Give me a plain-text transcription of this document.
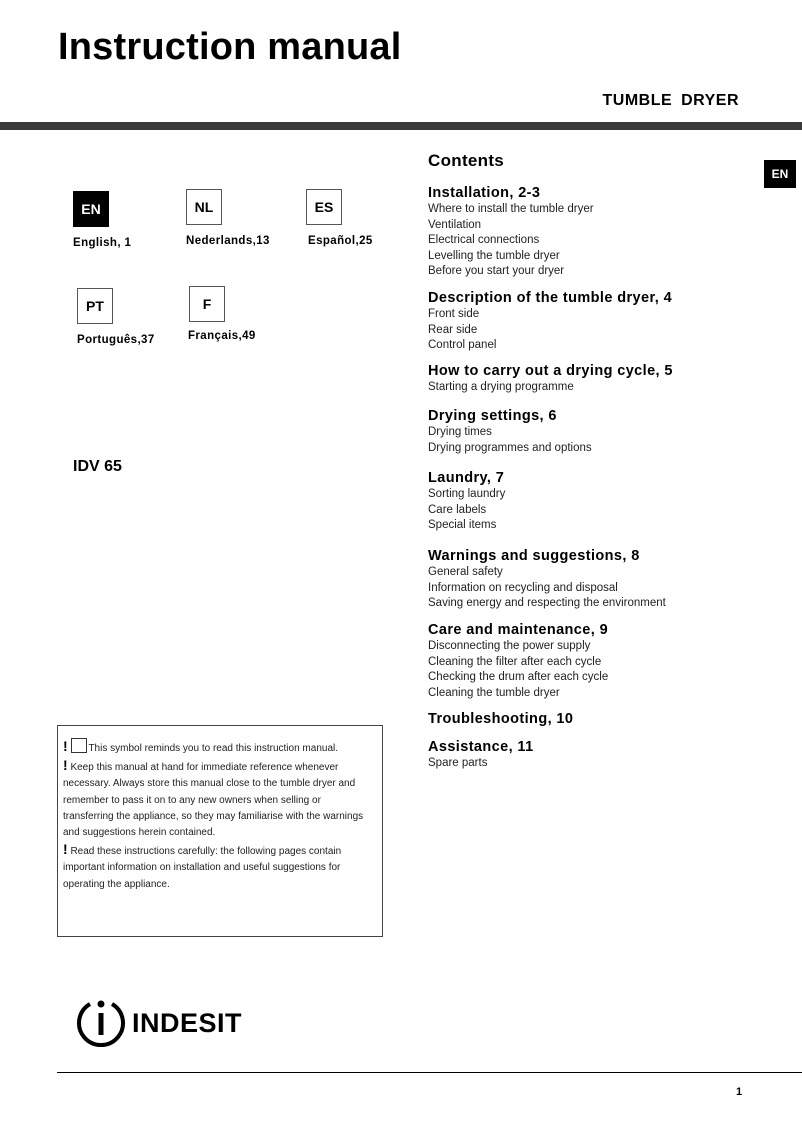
Instruction manual
TUMBLE DRYER
EN
EN
English, 1
NL
Nederlands,13
ES
Español,25
PT
Português,37
F
Français,49
IDV 65
Contents
Installation, 2-3
Where to install the tumble dryer
Ventilation
Electrical connections
Levelling the tumble dryer
Before you start your dryer
Description of the tumble dryer, 4
Front side
Rear side
Control panel
How to carry out a drying cycle, 5
Starting a drying programme
Drying settings, 6
Drying times
Drying programmes and options
Laundry, 7
Sorting laundry
Care labels
Special items
Warnings and suggestions, 8
General safety
Information on recycling and disposal
Saving energy and respecting the environment
Care and maintenance, 9
Disconnecting the power supply
Cleaning the filter after each cycle
Checking the drum after each cycle
Cleaning the tumble dryer
Troubleshooting, 10
Assistance, 11
Spare parts
! This symbol reminds you to read this instruction manual.
! Keep this manual at hand for immediate reference whenever necessary. Always store this manual close to the tumble dryer and remember to pass it on to any new owners when selling or transferring the appliance, so they may familiarise with the warnings and suggestions herein contained.
! Read these instructions carefully: the following pages contain important information on installation and useful suggestions for operating the appliance.
INDESIT
1
